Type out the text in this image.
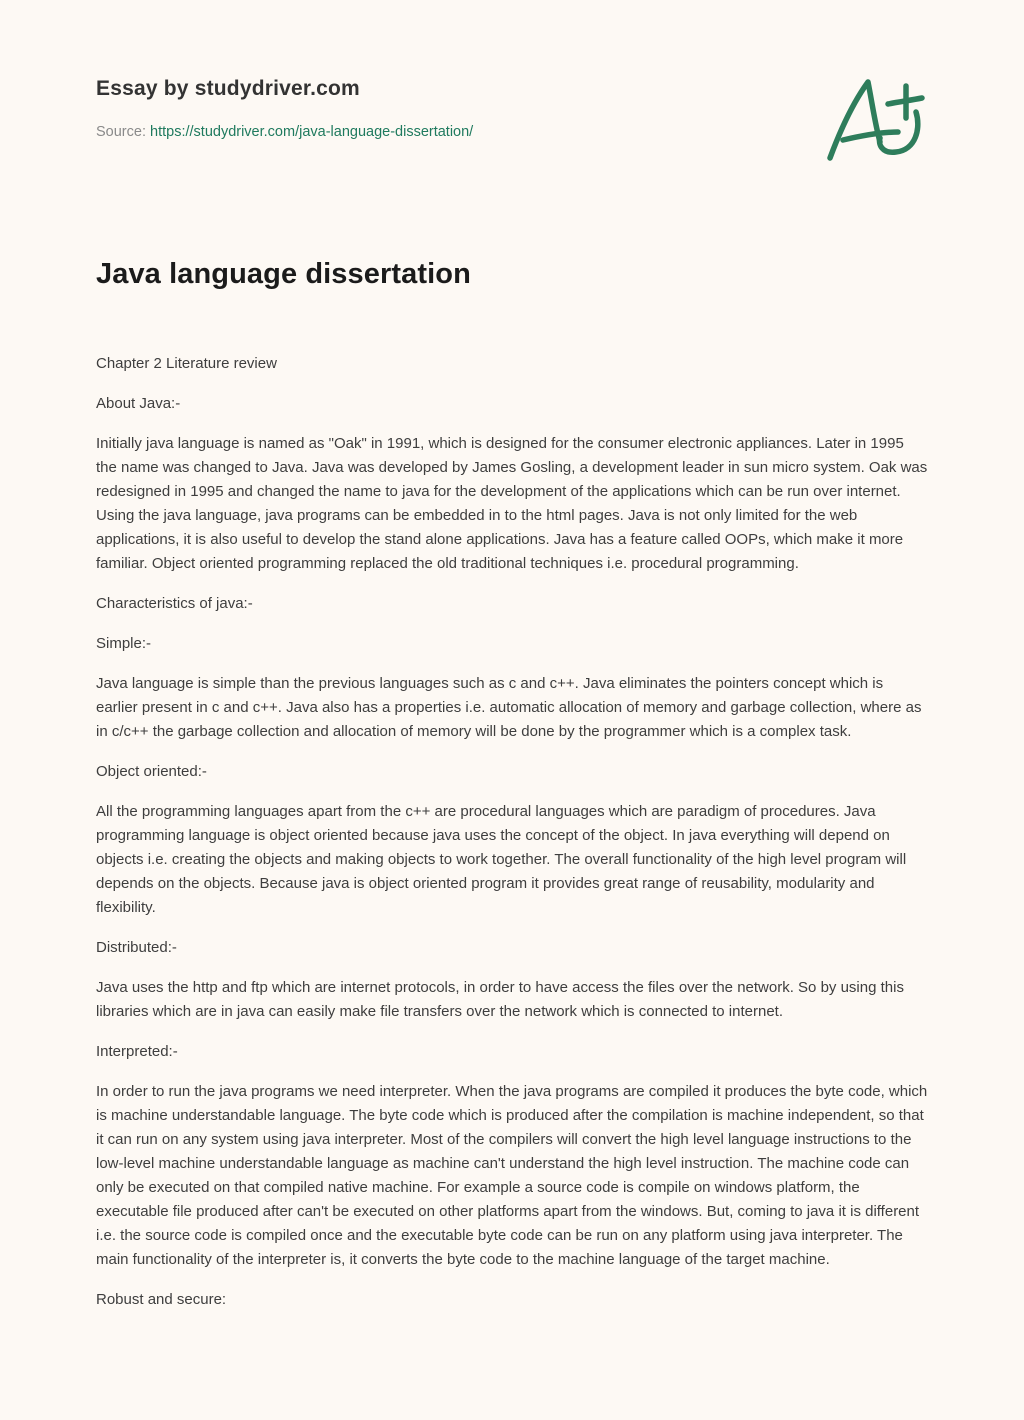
Essay by studydriver.com
Source: https://studydriver.com/java-language-dissertation/
Java language dissertation

Chapter 2 Literature review

About Java:-

Initially java language is named as "Oak" in 1991, which is designed for the consumer electronic appliances. Later in 1995 the name was changed to Java. Java was developed by James Gosling, a development leader in sun micro system. Oak was redesigned in 1995 and changed the name to java for the development of the applications which can be run over internet. Using the java language, java programs can be embedded in to the html pages. Java is not only limited for the web applications, it is also useful to develop the stand alone applications. Java has a feature called OOPs, which make it more familiar. Object oriented programming replaced the old traditional techniques i.e. procedural programming.

Characteristics of java:-

Simple:-

Java language is simple than the previous languages such as c and c++. Java eliminates the pointers concept which is earlier present in c and c++. Java also has a properties i.e. automatic allocation of memory and garbage collection, where as in c/c++ the garbage collection and allocation of memory will be done by the programmer which is a complex task.

Object oriented:-

All the programming languages apart from the c++ are procedural languages which are paradigm of procedures. Java programming language is object oriented because java uses the concept of the object. In java everything will depend on objects i.e. creating the objects and making objects to work together. The overall functionality of the high level program will depends on the objects. Because java is object oriented program it provides great range of reusability, modularity and flexibility.

Distributed:-

Java uses the http and ftp which are internet protocols, in order to have access the files over the network. So by using this libraries which are in java can easily make file transfers over the network which is connected to internet.

Interpreted:-

In order to run the java programs we need interpreter. When the java programs are compiled it produces the byte code, which is machine understandable language. The byte code which is produced after the compilation is machine independent, so that it can run on any system using java interpreter. Most of the compilers will convert the high level language instructions to the low-level machine understandable language as machine can't understand the high level instruction. The machine code can only be executed on that compiled native machine. For example a source code is compile on windows platform, the executable file produced after can't be executed on other platforms apart from the windows. But, coming to java it is different i.e. the source code is compiled once and the executable byte code can be run on any platform using java interpreter. The main functionality of the interpreter is, it converts the byte code to the machine language of the target machine.

Robust and secure:
